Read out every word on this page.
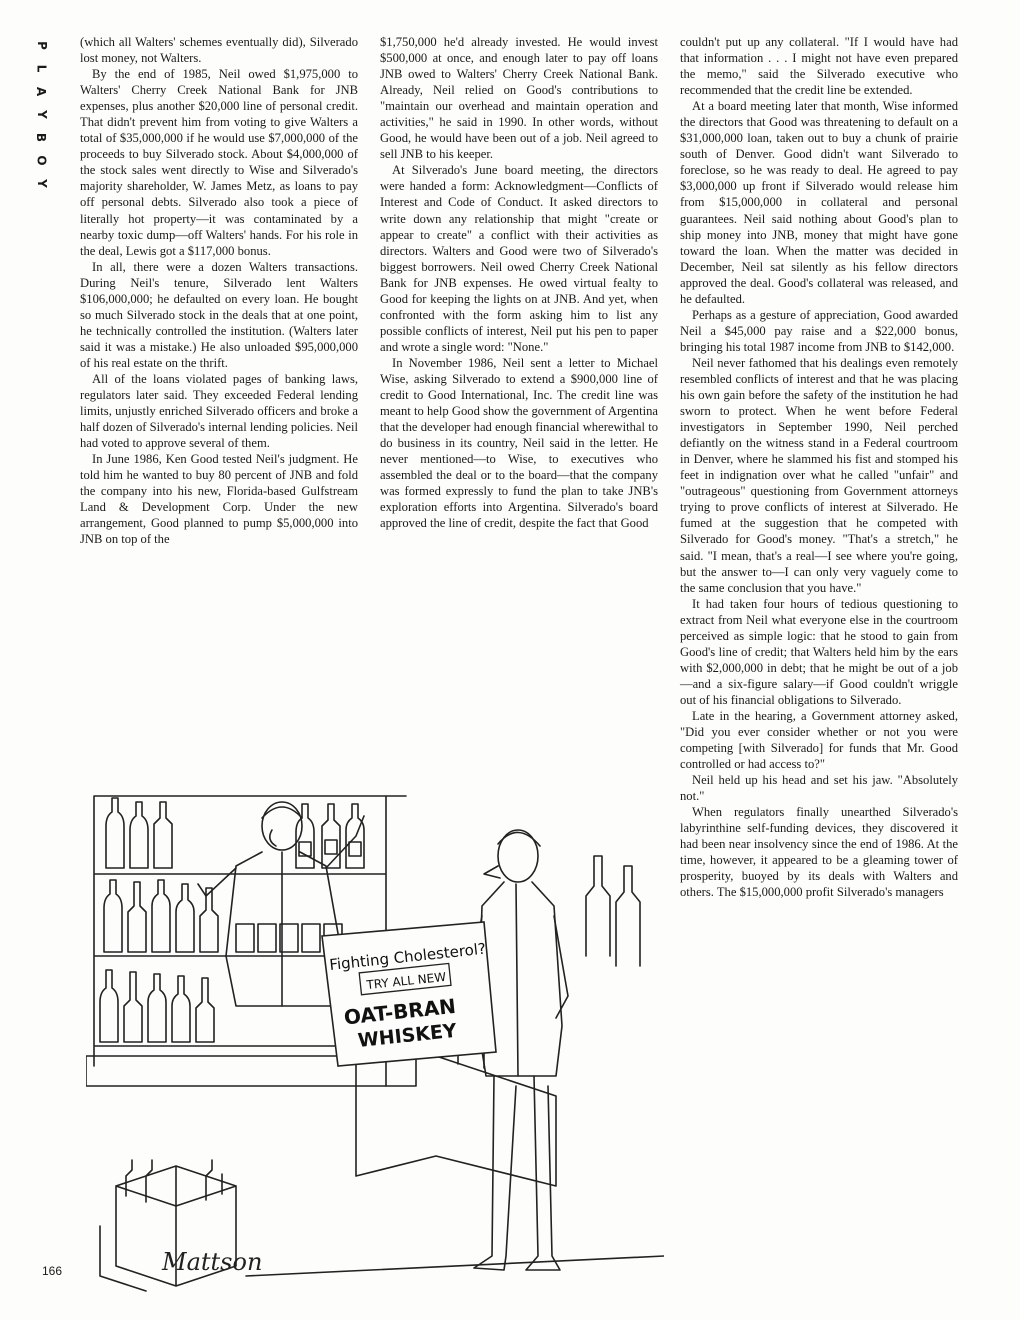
P
L
A
Y
B
O
Y

(which all Walters' schemes eventually did), Silverado lost money, not Walters.

By the end of 1985, Neil owed $1,975,000 to Walters' Cherry Creek National Bank for JNB expenses, plus another $20,000 line of personal credit. That didn't prevent him from voting to give Walters a total of $35,000,000 if he would use $7,000,000 of the proceeds to buy Silverado stock. About $4,000,000 of the stock sales went directly to Wise and Silverado's majority shareholder, W. James Metz, as loans to pay off personal debts. Silverado also took a piece of literally hot property—it was contaminated by a nearby toxic dump—off Walters' hands. For his role in the deal, Lewis got a $117,000 bonus.

In all, there were a dozen Walters transactions. During Neil's tenure, Silverado lent Walters $106,000,000; he defaulted on every loan. He bought so much Silverado stock in the deals that at one point, he technically controlled the institution. (Walters later said it was a mistake.) He also unloaded $95,000,000 of his real estate on the thrift.

All of the loans violated pages of banking laws, regulators later said. They exceeded Federal lending limits, unjustly enriched Silverado officers and broke a half dozen of Silverado's internal lending policies. Neil had voted to approve several of them.

In June 1986, Ken Good tested Neil's judgment. He told him he wanted to buy 80 percent of JNB and fold the company into his new, Florida-based Gulfstream Land & Development Corp. Under the new arrangement, Good planned to pump $5,000,000 into JNB on top of the

$1,750,000 he'd already invested. He would invest $500,000 at once, and enough later to pay off loans JNB owed to Walters' Cherry Creek National Bank. Already, Neil relied on Good's contributions to "maintain our overhead and maintain operation and activities," he said in 1990. In other words, without Good, he would have been out of a job. Neil agreed to sell JNB to his keeper.

At Silverado's June board meeting, the directors were handed a form: Acknowledgment—Conflicts of Interest and Code of Conduct. It asked directors to write down any relationship that might "create or appear to create" a conflict with their activities as directors. Walters and Good were two of Silverado's biggest borrowers. Neil owed Cherry Creek National Bank for JNB expenses. He owed virtual fealty to Good for keeping the lights on at JNB. And yet, when confronted with the form asking him to list any possible conflicts of interest, Neil put his pen to paper and wrote a single word: "None."

In November 1986, Neil sent a letter to Michael Wise, asking Silverado to extend a $900,000 line of credit to Good International, Inc. The credit line was meant to help Good show the government of Argentina that the developer had enough financial wherewithal to do business in its country, Neil said in the letter. He never mentioned—to Wise, to executives who assembled the deal or to the board—that the company was formed expressly to fund the plan to take JNB's exploration efforts into Argentina. Silverado's board approved the line of credit, despite the fact that Good

couldn't put up any collateral. "If I would have had that information . . . I might not have even prepared the memo," said the Silverado executive who recommended that the credit line be extended.

At a board meeting later that month, Wise informed the directors that Good was threatening to default on a $31,000,000 loan, taken out to buy a chunk of prairie south of Denver. Good didn't want Silverado to foreclose, so he was ready to deal. He agreed to pay $3,000,000 up front if Silverado would release him from $15,000,000 in collateral and personal guarantees. Neil said nothing about Good's plan to ship money into JNB, money that might have gone toward the loan. When the matter was decided in December, Neil sat silently as his fellow directors approved the deal. Good's collateral was released, and he defaulted.

Perhaps as a gesture of appreciation, Good awarded Neil a $45,000 pay raise and a $22,000 bonus, bringing his total 1987 income from JNB to $142,000.

Neil never fathomed that his dealings even remotely resembled conflicts of interest and that he was placing his own gain before the safety of the institution he had sworn to protect. When he went before Federal investigators in September 1990, Neil perched defiantly on the witness stand in a Federal courtroom in Denver, where he slammed his fist and stomped his feet in indignation over what he called "unfair" and "outrageous" questioning from Government attorneys trying to prove conflicts of interest at Silverado. He fumed at the suggestion that he competed with Silverado for Good's money. "That's a stretch," he said. "I mean, that's a real—I see where you're going, but the answer to—I can only very vaguely come to the same conclusion that you have."

It had taken four hours of tedious questioning to extract from Neil what everyone else in the courtroom perceived as simple logic: that he stood to gain from Good's line of credit; that Walters held him by the ears with $2,000,000 in debt; that he might be out of a job—and a six-figure salary—if Good couldn't wriggle out of his financial obligations to Silverado.

Late in the hearing, a Government attorney asked, "Did you ever consider whether or not you were competing [with Silverado] for funds that Mr. Good controlled or had access to?"

Neil held up his head and set his jaw. "Absolutely not."

When regulators finally unearthed Silverado's labyrinthine self-funding devices, they discovered it had been near insolvency since the end of 1986. At the time, however, it appeared to be a gleaming tower of prosperity, buoyed by its deals with Walters and others. The $15,000,000 profit Silverado's managers

Fighting Cholesterol?
TRY ALL NEW
OAT-BRAN
WHISKEY
Mattson
166
